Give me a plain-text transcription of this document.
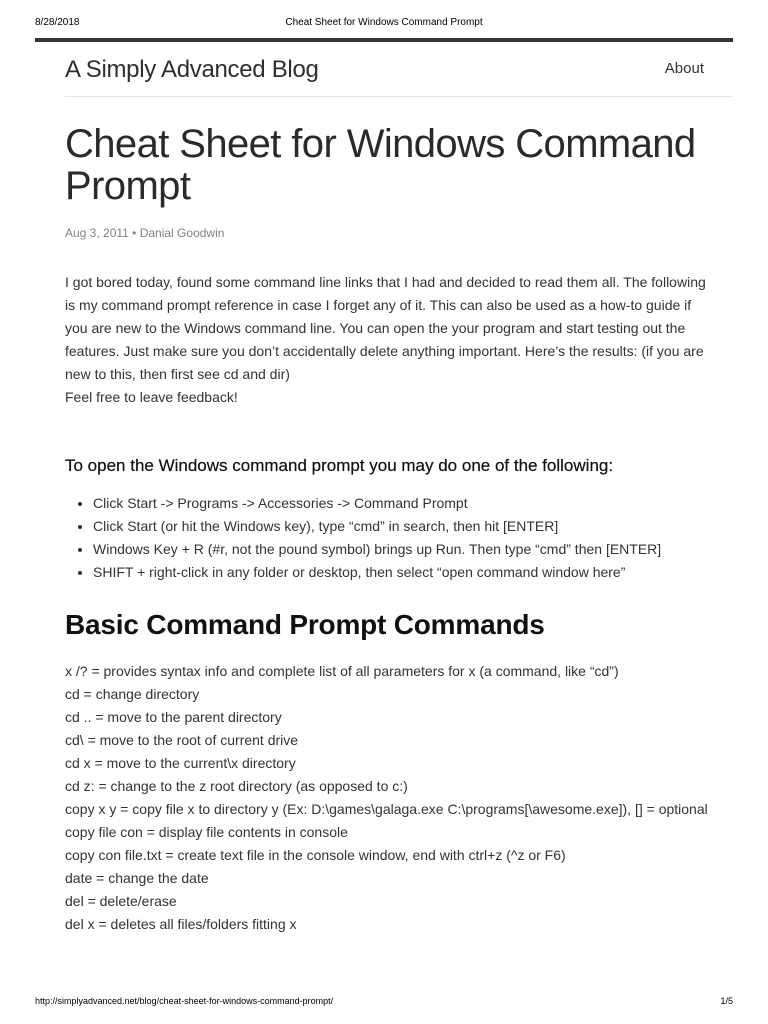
8/28/2018	Cheat Sheet for Windows Command Prompt
A Simply Advanced Blog	About
Cheat Sheet for Windows Command Prompt
Aug 3, 2011 • Danial Goodwin

I got bored today, found some command line links that I had and decided to read them all. The following is my command prompt reference in case I forget any of it. This can also be used as a how-to guide if you are new to the Windows command line. You can open the your program and start testing out the features. Just make sure you don’t accidentally delete anything important. Here’s the results: (if you are new to this, then first see cd and dir)

Feel free to leave feedback!

To open the Windows command prompt you may do one of the following:
• Click Start -> Programs -> Accessories -> Command Prompt
• Click Start (or hit the Windows key), type “cmd” in search, then hit [ENTER]
• Windows Key + R (#r, not the pound symbol) brings up Run. Then type “cmd” then [ENTER]
• SHIFT + right-click in any folder or desktop, then select “open command window here”
Basic Command Prompt Commands
x /? = provides syntax info and complete list of all parameters for x (a command, like “cd”)
cd = change directory
cd .. = move to the parent directory
cd\ = move to the root of current drive
cd x = move to the current\x directory
cd z: = change to the z root directory (as opposed to c:)
copy x y = copy file x to directory y (Ex: D:\games\galaga.exe C:\programs[\awesome.exe]), [] = optional
copy file con = display file contents in console
copy con file.txt = create text file in the console window, end with ctrl+z (^z or F6)
date = change the date
del = delete/erase
del x = deletes all files/folders fitting x
http://simplyadvanced.net/blog/cheat-sheet-for-windows-command-prompt/	1/5
